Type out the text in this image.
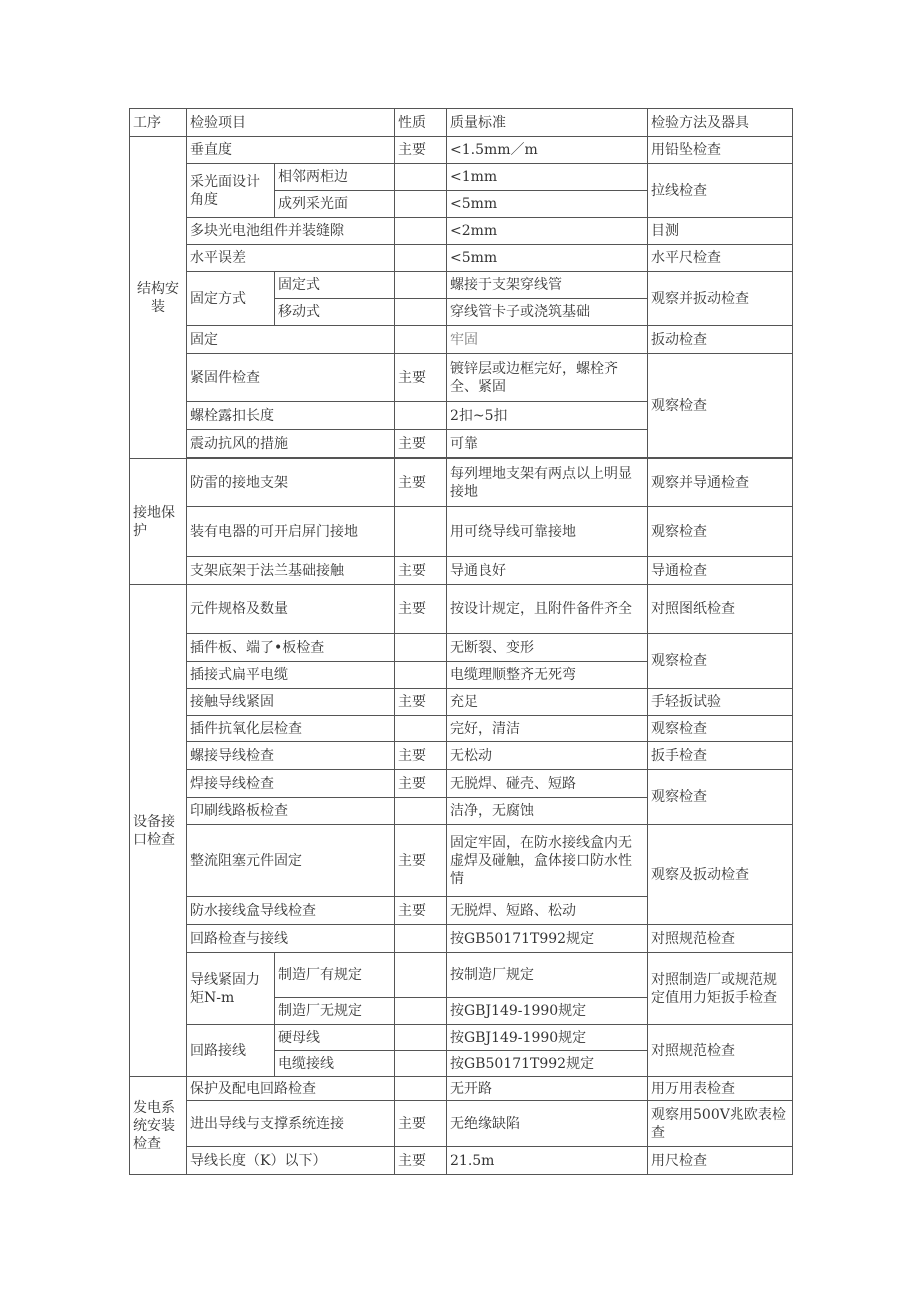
工序	检验项目		性质	质量标准	检验方法及器具
结构安装	垂直度		主要	<1.5mm／m	用铅坠检查
	采光面设计角度	相邻两柜边		<1mm	拉线检查
		成列采光面		<5mm	
	多块光电池组件并装缝隙			<2mm	目测
	水平误差			<5mm	水平尺检查
	固定方式	固定式		螺接于支架穿线管	观察并扳动检查
		移动式		穿线管卡子或浇筑基础	
	固定			牢固	扳动检查
	紧固件检查		主要	镀锌层或边框完好，螺栓齐全、紧固	观察检查
	螺栓露扣长度			2扣~5扣	
	震动抗风的措施		主要	可靠	

接地保护	防雷的接地支架		主要	每列埋地支架有两点以上明显接地	观察并导通检查
	装有电器的可开启屏门接地			用可绕导线可靠接地	观察检查
	支架底架于法兰基础接触		主要	导通良好	导通检查
设备接口检查	元件规格及数量		主要	按设计规定，且附件备件齐全	对照图纸检查
	插件板、端了•板检查			无断裂、变形	观察检查
	插接式扁平电缆			电缆理顺整齐无死弯	
	接触导线紧固		主要	充足	手轻扳试验
	插件抗氧化层检查			完好，清洁	观察检查
	螺接导线检查		主要	无松动	扳手检查
	焊接导线检查		主要	无脱焊、碰壳、短路	观察检查
	印刷线路板检查			洁净，无腐蚀	
	整流阻塞元件固定		主要	固定牢固，在防水接线盒内无虚焊及碰触，盒体接口防水性情	观察及扳动检查
	防水接线盒导线检查		主要	无脱焊、短路、松动	
	回路检查与接线			按GB50171T992规定	对照规范检查
	导线紧固力矩N-m	制造厂有规定		按制造厂规定	对照制造厂或规范规定值用力矩扳手检查
		制造厂无规定		按GBJ149-1990规定	
	回路接线	硬母线		按GBJ149-1990规定	对照规范检查
		电缆接线		按GB50171T992规定	
发电系统安装检查	保护及配电回路检查			无开路	用万用表检查
	进出导线与支撑系统连接		主要	无绝缘缺陷	观察用500V兆欧表检查
	导线长度（K）以下）		主要	21.5m	用尺检查
